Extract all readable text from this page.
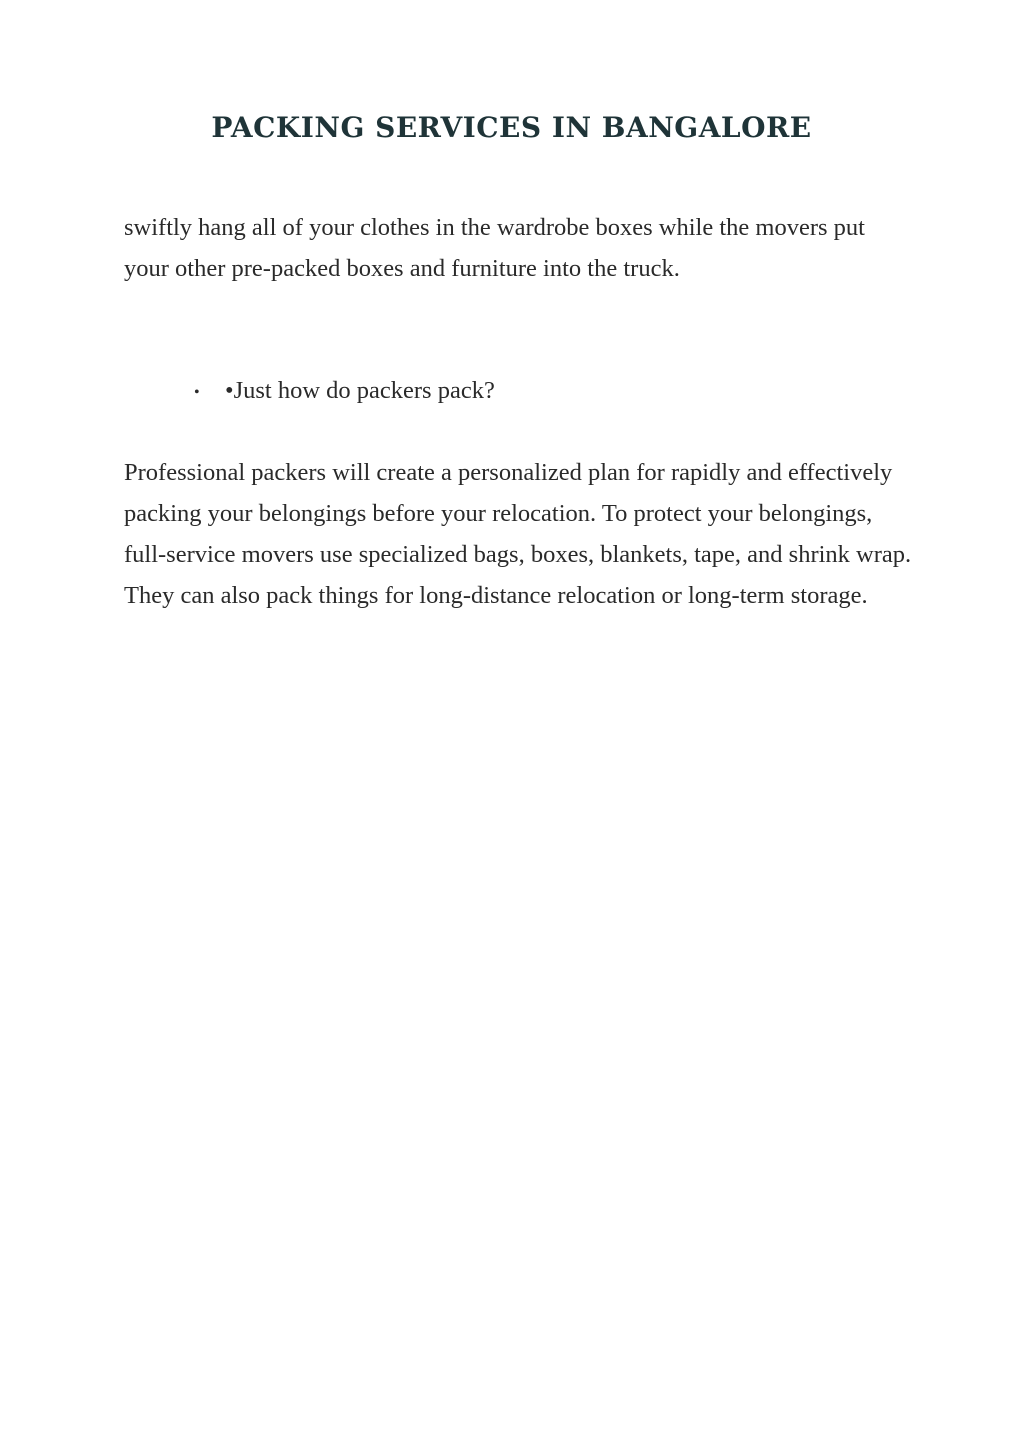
PACKING SERVICES IN BANGALORE

swiftly hang all of your clothes in the wardrobe boxes while the movers put your other pre-packed boxes and furniture into the truck.

• •Just how do packers pack?

Professional packers will create a personalized plan for rapidly and effectively packing your belongings before your relocation. To protect your belongings, full-service movers use specialized bags, boxes, blankets, tape, and shrink wrap. They can also pack things for long-distance relocation or long-term storage.
